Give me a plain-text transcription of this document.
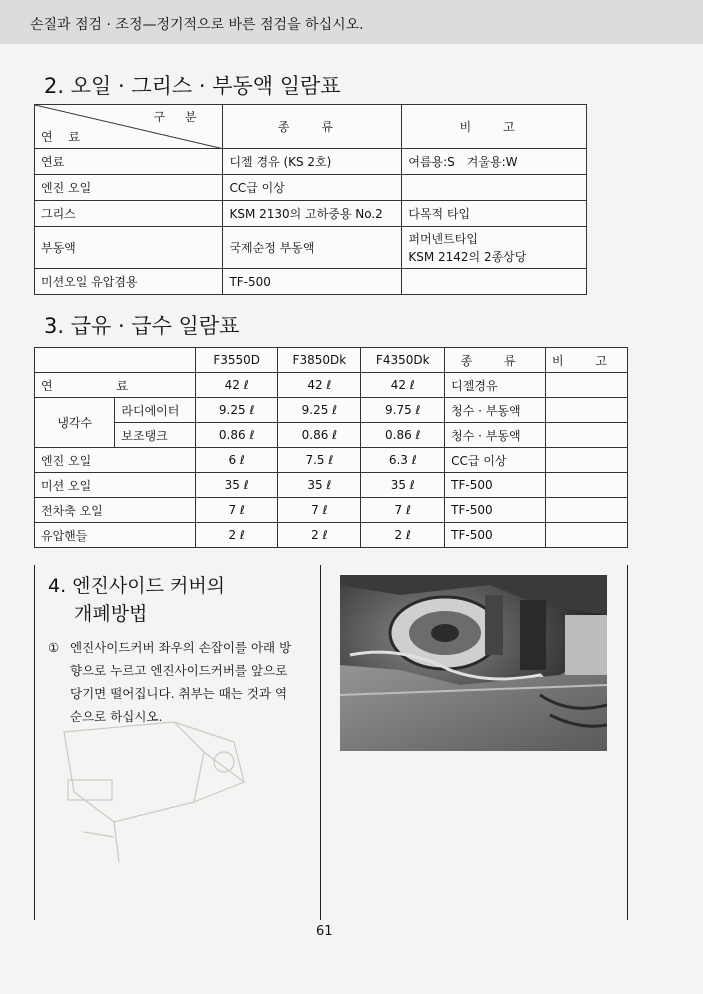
손질과 점검 · 조정—정기적으로 바른 점검을 하십시오.
2. 오일 · 그리스 · 부동액 일람표
구 분
연 료	종 류	비 고
연료	디젤 경유 (KS 2호)	여름용:S　겨울용:W
엔진 오일	CC급 이상	
그리스	KSM 2130의 고하중용 No.2	다목적 타입
부동액	국제순정 부동액	퍼머넨트타입
KSM 2142의 2종상당

미션오일 유압겸용	TF-500	
3. 급유 · 급수 일람표
		F3550D	F3850Dk	F4350Dk	종 류	비 고
연 료		42 ℓ	42 ℓ	42 ℓ	디젤경유	
냉각수	라디에이터	9.25 ℓ	9.25 ℓ	9.75 ℓ	청수 · 부동액	
	보조탱크	0.86 ℓ	0.86 ℓ	0.86 ℓ	청수 · 부동액	
엔진 오일		6 ℓ	7.5 ℓ	6.3 ℓ	CC급 이상	
미션 오일		35 ℓ	35 ℓ	35 ℓ	TF-500	
전차축 오일		7 ℓ	7 ℓ	7 ℓ	TF-500	
유압핸들		2 ℓ	2 ℓ	2 ℓ	TF-500	
4. 엔진사이드 커버의
개폐방법
① 엔진사이드커버 좌우의 손잡이를 아래 방
향으로 누르고 엔진사이드커버를 앞으로
당기면 떨어집니다. 취부는 때는 것과 역
순으로 하십시오.
61
